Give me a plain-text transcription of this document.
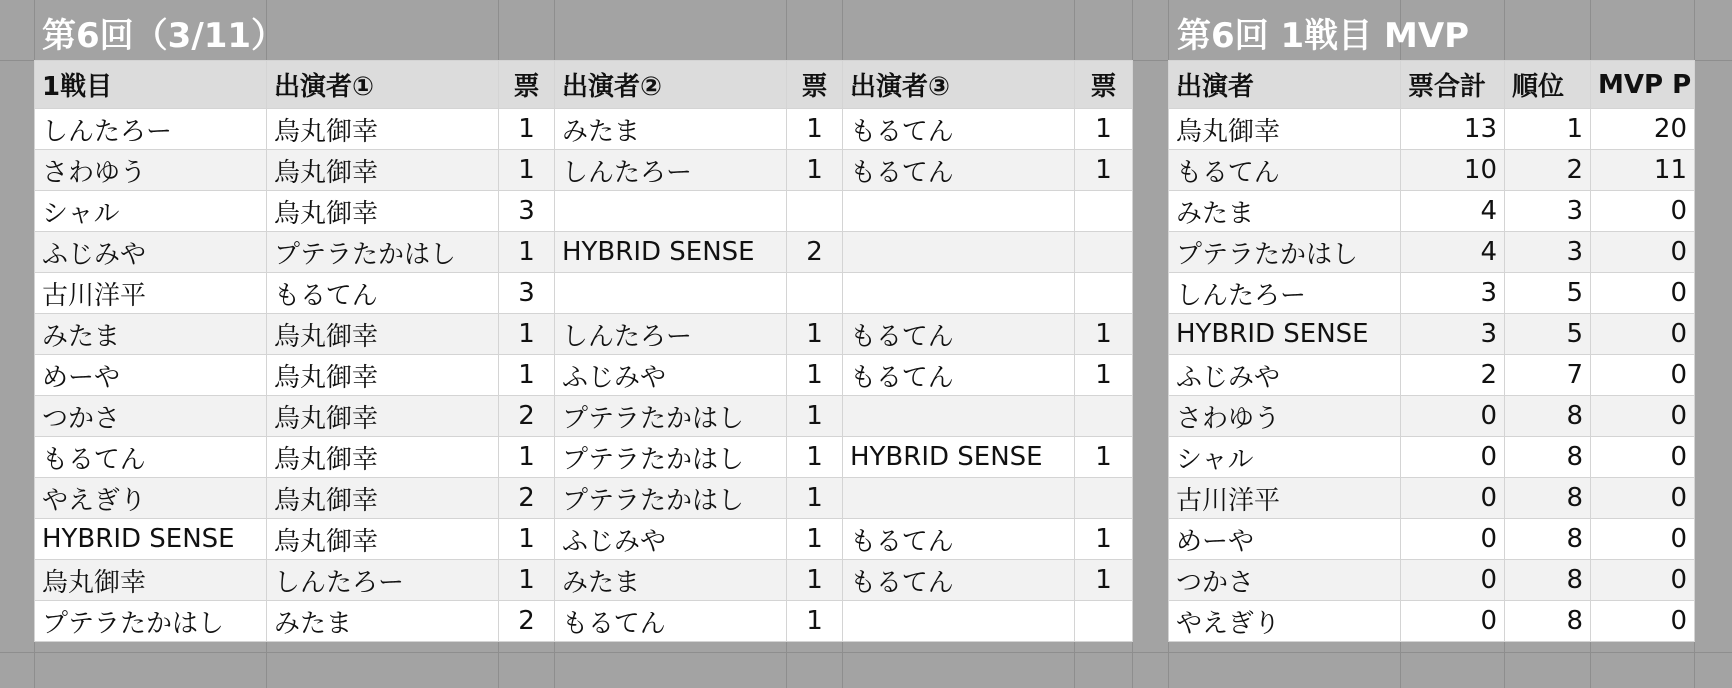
第6回（3/11）	第6回 1戦目 MVP
1戦目	出演者①	票	出演者②	票	出演者③	票
しんたろー	烏丸御幸	1	みたま	1	もるてん	1
さわゆう	烏丸御幸	1	しんたろー	1	もるてん	1
シャル	烏丸御幸	3				
ふじみや	プテラたかはし	1	HYBRID SENSE	2		
古川洋平	もるてん	3				
みたま	烏丸御幸	1	しんたろー	1	もるてん	1
めーや	烏丸御幸	1	ふじみや	1	もるてん	1
つかさ	烏丸御幸	2	プテラたかはし	1		
もるてん	烏丸御幸	1	プテラたかはし	1	HYBRID SENSE	1
やえぎり	烏丸御幸	2	プテラたかはし	1		
HYBRID SENSE	烏丸御幸	1	ふじみや	1	もるてん	1
烏丸御幸	しんたろー	1	みたま	1	もるてん	1
プテラたかはし	みたま	2	もるてん	1		
出演者	票合計	順位	MVP P
烏丸御幸	13	1	20
もるてん	10	2	11
みたま	4	3	0
プテラたかはし	4	3	0
しんたろー	3	5	0
HYBRID SENSE	3	5	0
ふじみや	2	7	0
さわゆう	0	8	0
シャル	0	8	0
古川洋平	0	8	0
めーや	0	8	0
つかさ	0	8	0
やえぎり	0	8	0
